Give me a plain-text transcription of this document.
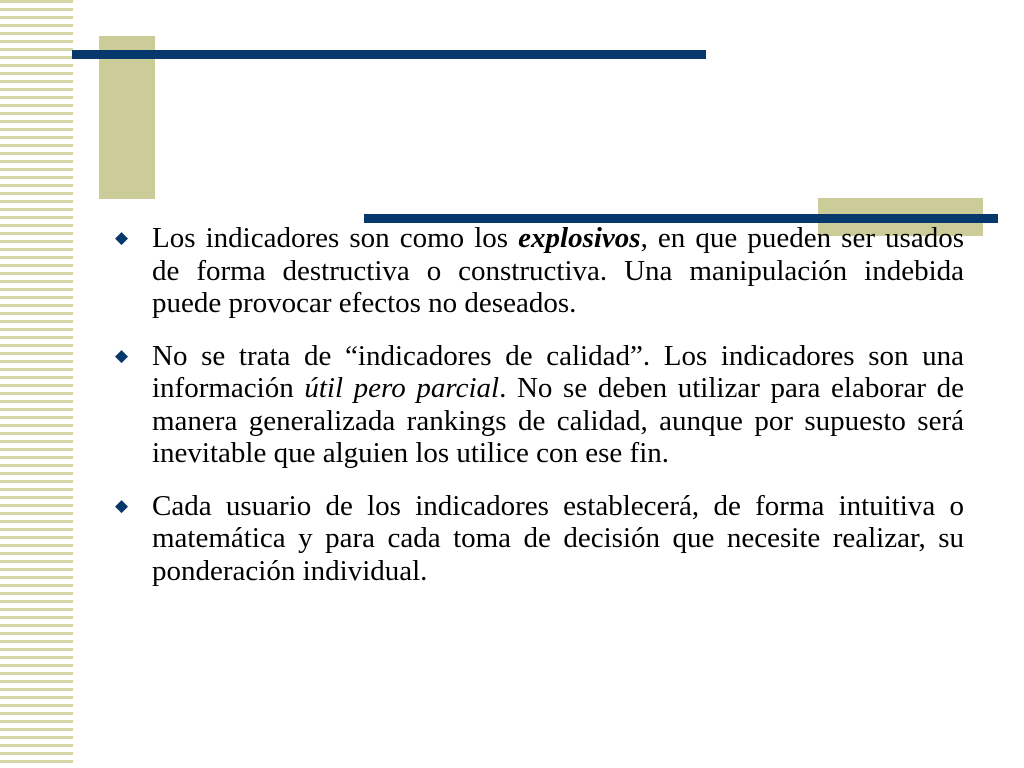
◆ Los indicadores son como los explosivos, en que pueden ser usados de forma destructiva o constructiva. Una manipulación indebida puede provocar efectos no deseados.

◆ No se trata de “indicadores de calidad”. Los indicadores son una información útil pero parcial. No se deben utilizar para elaborar de manera generalizada rankings de calidad, aunque por supuesto será inevitable que alguien los utilice con ese fin.

◆ Cada usuario de los indicadores establecerá, de forma intuitiva o matemática y para cada toma de decisión que necesite realizar, su ponderación individual.
